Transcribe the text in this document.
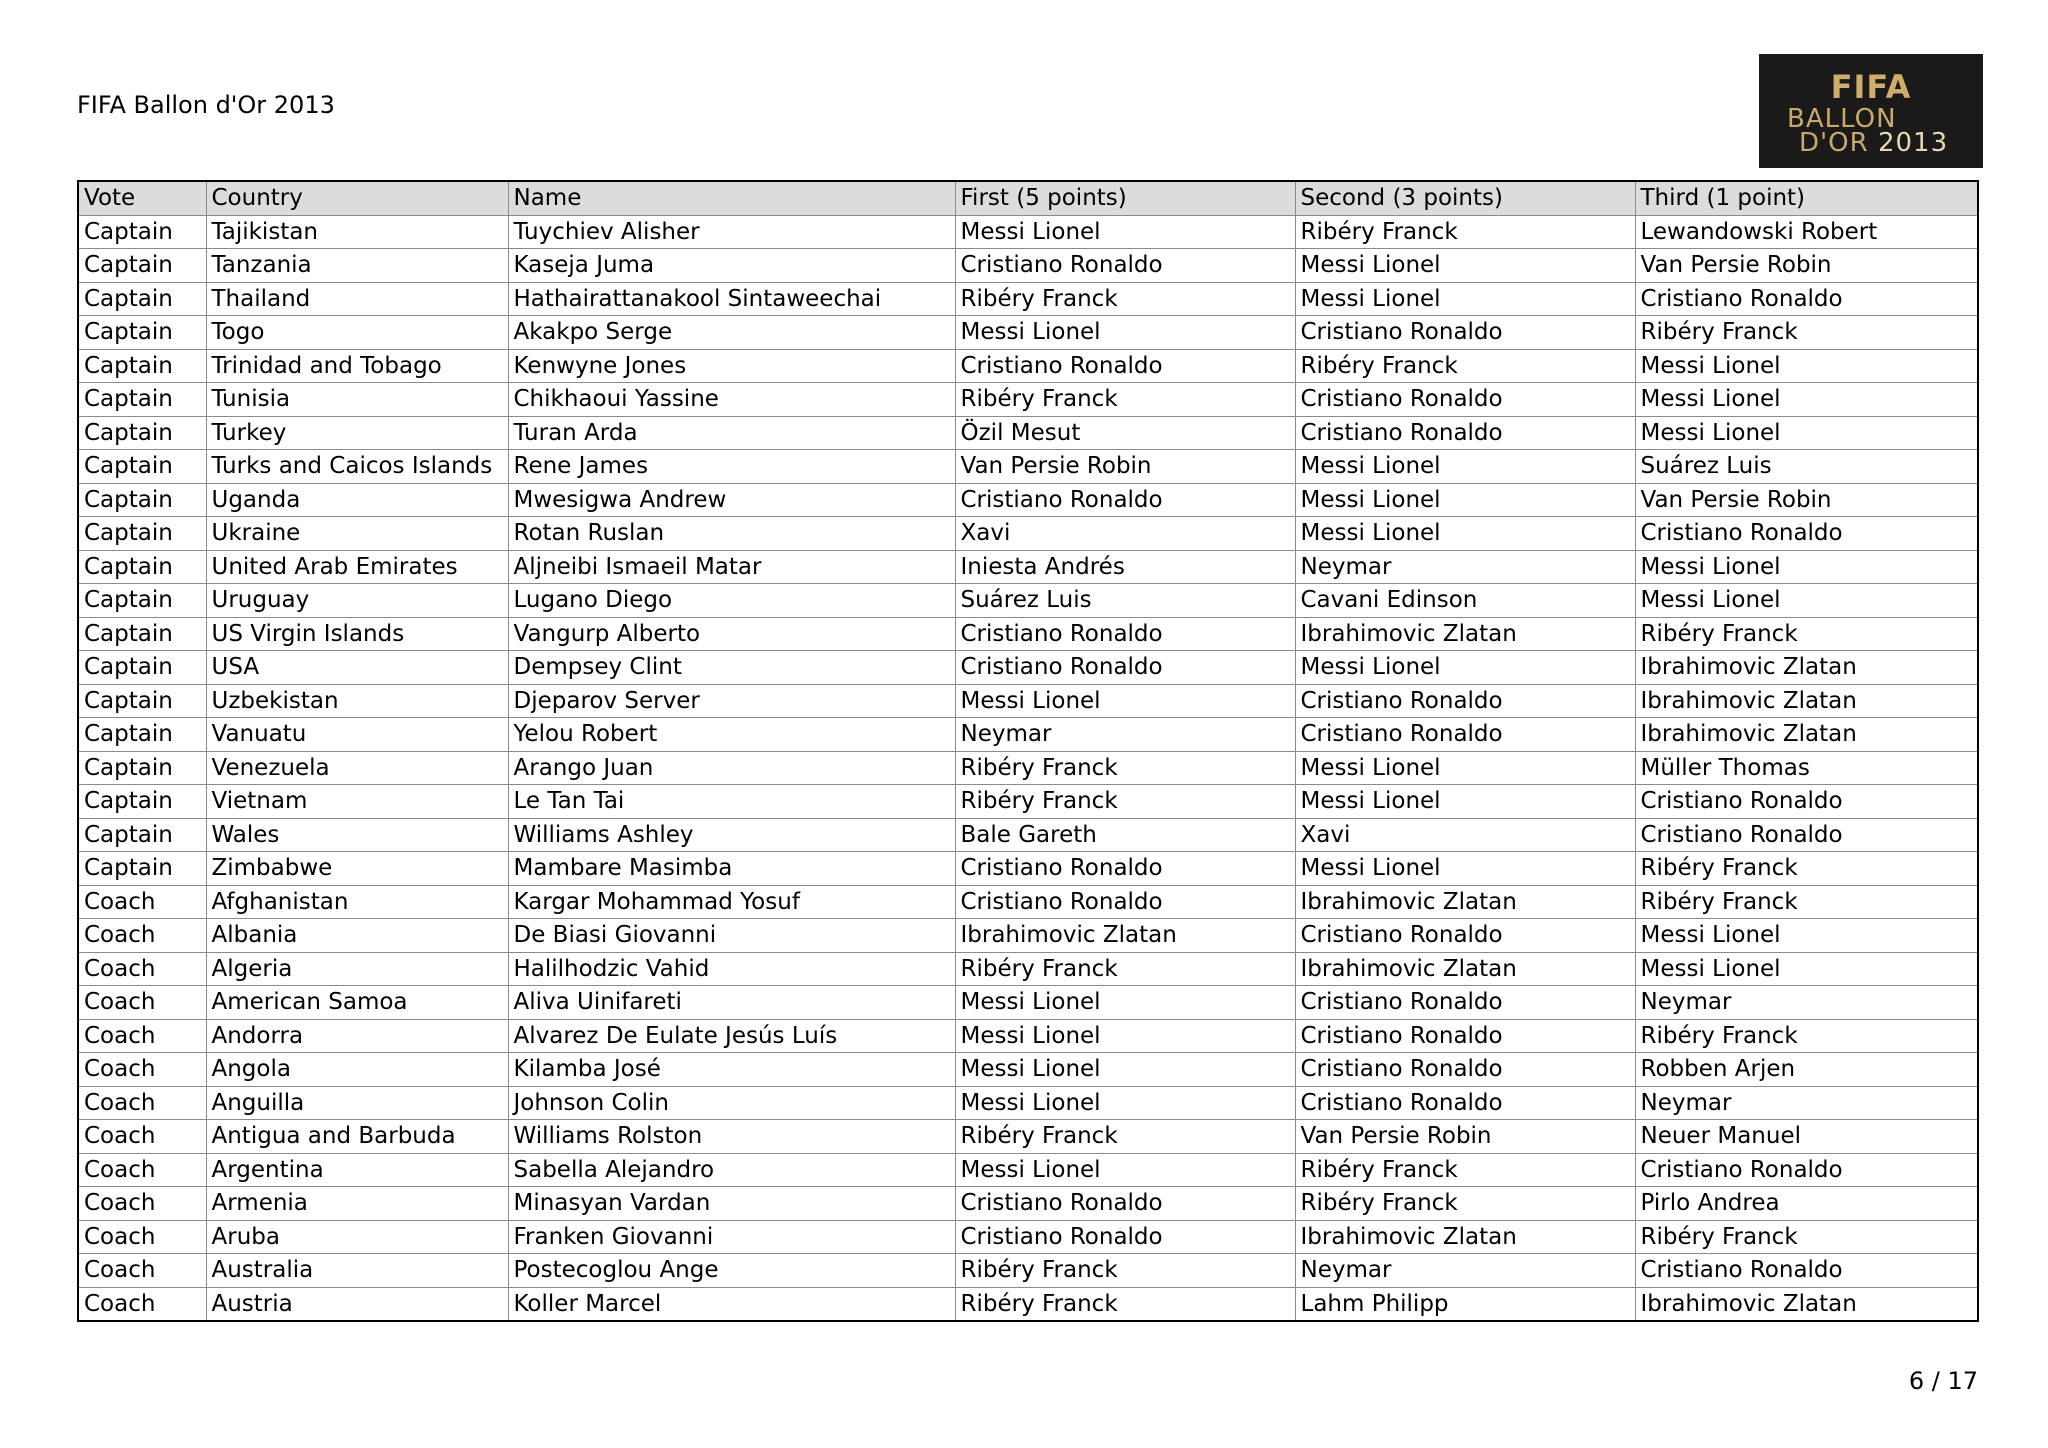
FIFA Ballon d'Or 2013	FIFA
BALLON
D'OR 2013
Vote	Country	Name	First (5 points)	Second (3 points)	Third (1 point)
Captain	Tajikistan	Tuychiev Alisher	Messi Lionel	Ribéry Franck	Lewandowski Robert
Captain	Tanzania	Kaseja Juma	Cristiano Ronaldo	Messi Lionel	Van Persie Robin
Captain	Thailand	Hathairattanakool Sintaweechai	Ribéry Franck	Messi Lionel	Cristiano Ronaldo
Captain	Togo	Akakpo Serge	Messi Lionel	Cristiano Ronaldo	Ribéry Franck
Captain	Trinidad and Tobago	Kenwyne Jones	Cristiano Ronaldo	Ribéry Franck	Messi Lionel
Captain	Tunisia	Chikhaoui Yassine	Ribéry Franck	Cristiano Ronaldo	Messi Lionel
Captain	Turkey	Turan Arda	Özil Mesut	Cristiano Ronaldo	Messi Lionel
Captain	Turks and Caicos Islands	Rene James	Van Persie Robin	Messi Lionel	Suárez Luis
Captain	Uganda	Mwesigwa Andrew	Cristiano Ronaldo	Messi Lionel	Van Persie Robin
Captain	Ukraine	Rotan Ruslan	Xavi	Messi Lionel	Cristiano Ronaldo
Captain	United Arab Emirates	Aljneibi Ismaeil Matar	Iniesta Andrés	Neymar	Messi Lionel
Captain	Uruguay	Lugano Diego	Suárez Luis	Cavani Edinson	Messi Lionel
Captain	US Virgin Islands	Vangurp Alberto	Cristiano Ronaldo	Ibrahimovic Zlatan	Ribéry Franck
Captain	USA	Dempsey Clint	Cristiano Ronaldo	Messi Lionel	Ibrahimovic Zlatan
Captain	Uzbekistan	Djeparov Server	Messi Lionel	Cristiano Ronaldo	Ibrahimovic Zlatan
Captain	Vanuatu	Yelou Robert	Neymar	Cristiano Ronaldo	Ibrahimovic Zlatan
Captain	Venezuela	Arango Juan	Ribéry Franck	Messi Lionel	Müller Thomas
Captain	Vietnam	Le Tan Tai	Ribéry Franck	Messi Lionel	Cristiano Ronaldo
Captain	Wales	Williams Ashley	Bale Gareth	Xavi	Cristiano Ronaldo
Captain	Zimbabwe	Mambare Masimba	Cristiano Ronaldo	Messi Lionel	Ribéry Franck
Coach	Afghanistan	Kargar Mohammad Yosuf	Cristiano Ronaldo	Ibrahimovic Zlatan	Ribéry Franck
Coach	Albania	De Biasi Giovanni	Ibrahimovic Zlatan	Cristiano Ronaldo	Messi Lionel
Coach	Algeria	Halilhodzic Vahid	Ribéry Franck	Ibrahimovic Zlatan	Messi Lionel
Coach	American Samoa	Aliva Uinifareti	Messi Lionel	Cristiano Ronaldo	Neymar
Coach	Andorra	Alvarez De Eulate Jesús Luís	Messi Lionel	Cristiano Ronaldo	Ribéry Franck
Coach	Angola	Kilamba José	Messi Lionel	Cristiano Ronaldo	Robben Arjen
Coach	Anguilla	Johnson Colin	Messi Lionel	Cristiano Ronaldo	Neymar
Coach	Antigua and Barbuda	Williams Rolston	Ribéry Franck	Van Persie Robin	Neuer Manuel
Coach	Argentina	Sabella Alejandro	Messi Lionel	Ribéry Franck	Cristiano Ronaldo
Coach	Armenia	Minasyan Vardan	Cristiano Ronaldo	Ribéry Franck	Pirlo Andrea
Coach	Aruba	Franken Giovanni	Cristiano Ronaldo	Ibrahimovic Zlatan	Ribéry Franck
Coach	Australia	Postecoglou Ange	Ribéry Franck	Neymar	Cristiano Ronaldo
Coach	Austria	Koller Marcel	Ribéry Franck	Lahm Philipp	Ibrahimovic Zlatan
6 / 17
